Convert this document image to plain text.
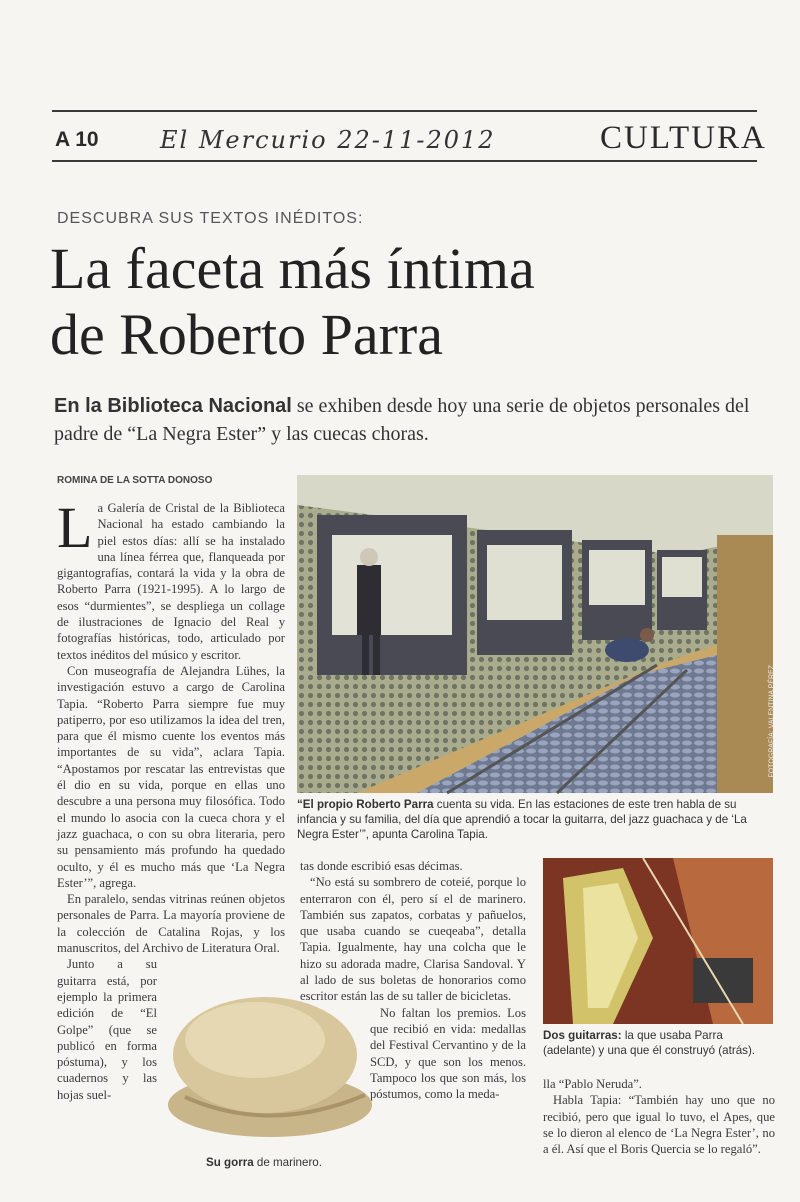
A 10	El Mercurio 22-11-2012	CULTURA
DESCUBRA SUS TEXTOS INÉDITOS:
La faceta más íntima
de Roberto Parra
En la Biblioteca Nacional se exhiben desde hoy una serie de objetos personales del padre de “La Negra Ester” y las cuecas choras.
ROMINA DE LA SOTTA DONOSO

La Galería de Cristal de la Biblioteca Nacional ha estado cambiando la piel estos días: allí se ha instalado una línea férrea que, flanqueada por gigantografías, contará la vida y la obra de Roberto Parra (1921-1995). A lo largo de esos “durmientes”, se despliega un collage de ilustraciones de Ignacio del Real y fotografías históricas, todo, articulado por textos inéditos del músico y escritor.

Con museografía de Alejandra Lühes, la investigación estuvo a cargo de Carolina Tapia. “Roberto Parra siempre fue muy patiperro, por eso utilizamos la idea del tren, para que él mismo cuente los eventos más importantes de su vida”, aclara Tapia. “Apostamos por rescatar las entrevistas que él dio en su vida, porque en ellas uno descubre a una persona muy filosófica. Todo el mundo lo asocia con la cueca chora y el jazz guachaca, o con su obra literaria, pero su pensamiento más profundo ha quedado oculto, y él es mucho más que ‘La Negra Ester’”, agrega.

En paralelo, sendas vitrinas reúnen objetos personales de Parra. La mayoría proviene de la colección de Catalina Rojas, y los manuscritos, del Archivo de Literatura Oral.

Junto a su guitarra está, por ejemplo la primera edición de “El Golpe” (que se publicó en forma póstuma), y los cuadernos y las hojas suel-

FOTOGRAFÍA: VALENTINA PÉREZ
“El propio Roberto Parra cuenta su vida. En las estaciones de este tren habla de su infancia y su familia, del día que aprendió a tocar la guitarra, del jazz guachaca y de ‘La Negra Ester’”, apunta Carolina Tapia.

tas donde escribió esas décimas.

“No está su sombrero de coteié, porque lo enterraron con él, pero sí el de marinero. También sus zapatos, corbatas y pañuelos, que usaba cuando se cueqeaba”, detalla Tapia. Igualmente, hay una colcha que le hizo su adorada madre, Clarisa Sandoval. Y al lado de sus boletas de honorarios como escritor están las de su taller de bicicletas.

No faltan los premios. Los que recibió en vida: medallas del Festival Cervantino y de la SCD, y que son los menos. Tampoco los que son más, los póstumos, como la meda-

Su gorra de marinero.
Dos guitarras: la que usaba Parra (adelante) y una que él construyó (atrás).

lla “Pablo Neruda”.

Habla Tapia: “También hay uno que no recibió, pero que igual lo tuvo, el Apes, que se lo dieron al elenco de ‘La Negra Ester’, no a él. Así que el Boris Quercia se lo regaló”.
